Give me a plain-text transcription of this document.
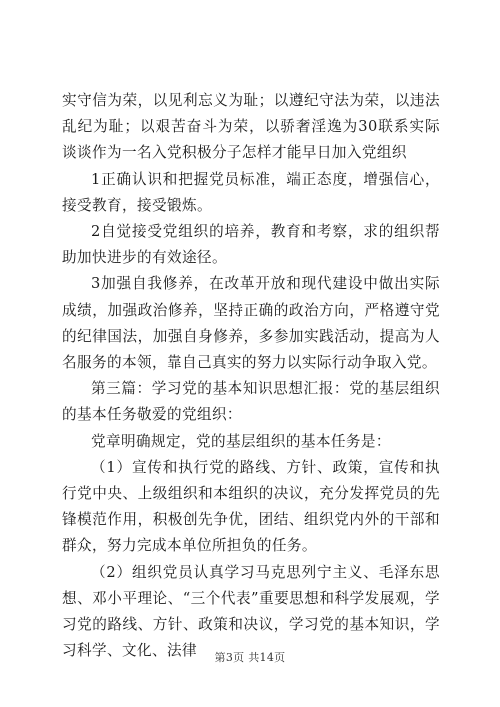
实守信为荣，以见利忘义为耻；以遵纪守法为荣，以违法乱纪为耻；以艰苦奋斗为荣，以骄奢淫逸为30联系实际谈谈作为一名入党积极分子怎样才能早日加入党组织

1正确认识和把握党员标准，端正态度，增强信心，接受教育，接受锻炼。

2自觉接受党组织的培养，教育和考察，求的组织帮助加快进步的有效途径。

3加强自我修养，在改革开放和现代建设中做出实际成绩，加强政治修养，坚持正确的政治方向，严格遵守党的纪律国法，加强自身修养，多参加实践活动，提高为人名服务的本领，靠自己真实的努力以实际行动争取入党。

第三篇：学习党的基本知识思想汇报：党的基层组织的基本任务敬爱的党组织：

党章明确规定，党的基层组织的基本任务是：

（1）宣传和执行党的路线、方针、政策，宣传和执行党中央、上级组织和本组织的决议，充分发挥党员的先锋模范作用，积极创先争优，团结、组织党内外的干部和群众，努力完成本单位所担负的任务。

（2）组织党员认真学习马克思列宁主义、毛泽东思想、邓小平理论、“三个代表”重要思想和科学发展观，学习党的路线、方针、政策和决议，学习党的基本知识，学习科学、文化、法律	第3页 共14页
